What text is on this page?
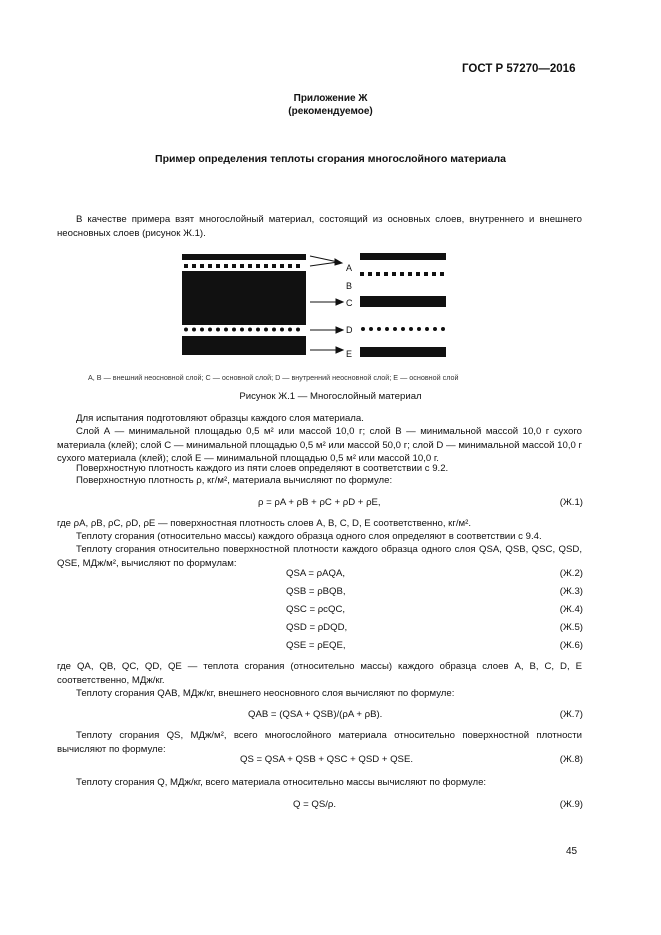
ГОСТ Р 57270—2016
Приложение Ж
(рекомендуемое)
Пример определения теплоты сгорания многослойного материала
В качестве примера взят многослойный материал, состоящий из основных слоев, внутреннего и внешнего неосновных слоев (рисунок Ж.1).
A
B
C
D
E
А, В — внешний неосновной слой; С — основной слой; D — внутренний неосновной слой; Е — основной слой
Рисунок Ж.1 — Многослойный материал
Для испытания подготовляют образцы каждого слоя материала.
Слой А — минимальной площадью 0,5 м² или массой 10,0 г; слой В — минимальной массой 10,0 г сухого материала (клей); слой С — минимальной площадью 0,5 м² или массой 50,0 г; слой D — минимальной массой 10,0 г сухого материала (клей); слой Е — минимальной площадью 0,5 м² или массой 10,0 г.
Поверхностную плотность каждого из пяти слоев определяют в соответствии с 9.2.
Поверхностную плотность ρ, кг/м², материала вычисляют по формуле:
ρ = ρA + ρB + ρC + ρD + ρE,	(Ж.1)
где ρA, ρB, ρC, ρD, ρE — поверхностная плотность слоев А, В, С, D, Е соответственно, кг/м².
Теплоту сгорания (относительно массы) каждого образца одного слоя определяют в соответствии с 9.4.
Теплоту сгорания относительно поверхностной плотности каждого образца одного слоя QSA, QSB, QSC, QSD, QSE, МДж/м², вычисляют по формулам:
QSA = ρAQA,	(Ж.2)
QSB = ρBQB,	(Ж.3)
QSC = ρcQC,	(Ж.4)
QSD = ρDQD,	(Ж.5)
QSE = ρEQE,	(Ж.6)
где QA, QB, QC, QD, QE — теплота сгорания (относительно массы) каждого образца слоев А, В, С, D, Е соответственно, МДж/кг.
Теплоту сгорания QAB, МДж/кг, внешнего неосновного слоя вычисляют по формуле:
QAB = (QSA + QSB)/(ρA + ρB).	(Ж.7)
Теплоту сгорания QS, МДж/м², всего многослойного материала относительно поверхностной плотности вычисляют по формуле:
QS = QSA + QSB + QSC + QSD + QSE.	(Ж.8)
Теплоту сгорания Q, МДж/кг, всего материала относительно массы вычисляют по формуле:
Q = QS/ρ.	(Ж.9)
45
